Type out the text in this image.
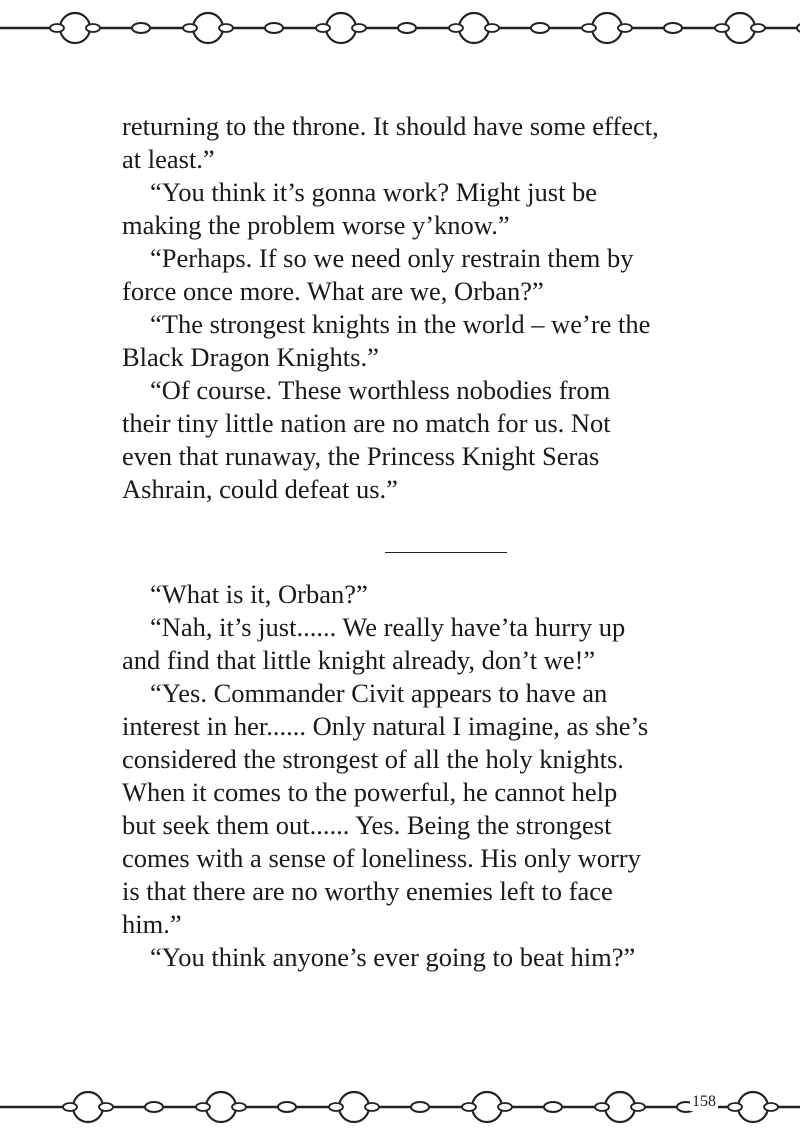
returning to the throne. It should have some effect,
at least.”
“You think it’s gonna work? Might just be
making the problem worse y’know.”
“Perhaps. If so we need only restrain them by
force once more. What are we, Orban?”
“The strongest knights in the world – we’re the
Black Dragon Knights.”
“Of course. These worthless nobodies from
their tiny little nation are no match for us. Not
even that runaway, the Princess Knight Seras
Ashrain, could defeat us.”
“What is it, Orban?”
“Nah, it’s just...... We really have’ta hurry up
and find that little knight already, don’t we!”
“Yes. Commander Civit appears to have an
interest in her...... Only natural I imagine, as she’s
considered the strongest of all the holy knights.
When it comes to the powerful, he cannot help
but seek them out...... Yes. Being the strongest
comes with a sense of loneliness. His only worry
is that there are no worthy enemies left to face
him.”
“You think anyone’s ever going to beat him?”
158
